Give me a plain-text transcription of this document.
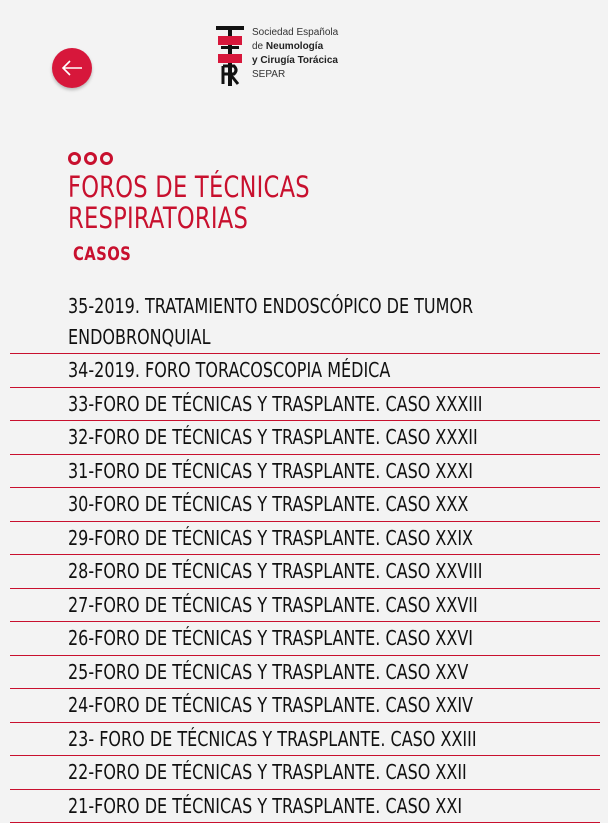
Sociedad Española
de Neumología
y Cirugía Torácica
SEPAR
FOROS DE TÉCNICAS
RESPIRATORIAS
CASOS
35-2019. TRATAMIENTO ENDOSCÓPICO DE TUMOR ENDOBRONQUIAL
34-2019. FORO TORACOSCOPIA MÉDICA
33-FORO DE TÉCNICAS Y TRASPLANTE. CASO XXXIII
32-FORO DE TÉCNICAS Y TRASPLANTE. CASO XXXII
31-FORO DE TÉCNICAS Y TRASPLANTE. CASO XXXI
30-FORO DE TÉCNICAS Y TRASPLANTE. CASO XXX
29-FORO DE TÉCNICAS Y TRASPLANTE. CASO XXIX
28-FORO DE TÉCNICAS Y TRASPLANTE. CASO XXVIII
27-FORO DE TÉCNICAS Y TRASPLANTE. CASO XXVII
26-FORO DE TÉCNICAS Y TRASPLANTE. CASO XXVI
25-FORO DE TÉCNICAS Y TRASPLANTE. CASO XXV
24-FORO DE TÉCNICAS Y TRASPLANTE. CASO XXIV
23- FORO DE TÉCNICAS Y TRASPLANTE. CASO XXIII
22-FORO DE TÉCNICAS Y TRASPLANTE. CASO XXII
21-FORO DE TÉCNICAS Y TRASPLANTE. CASO XXI
